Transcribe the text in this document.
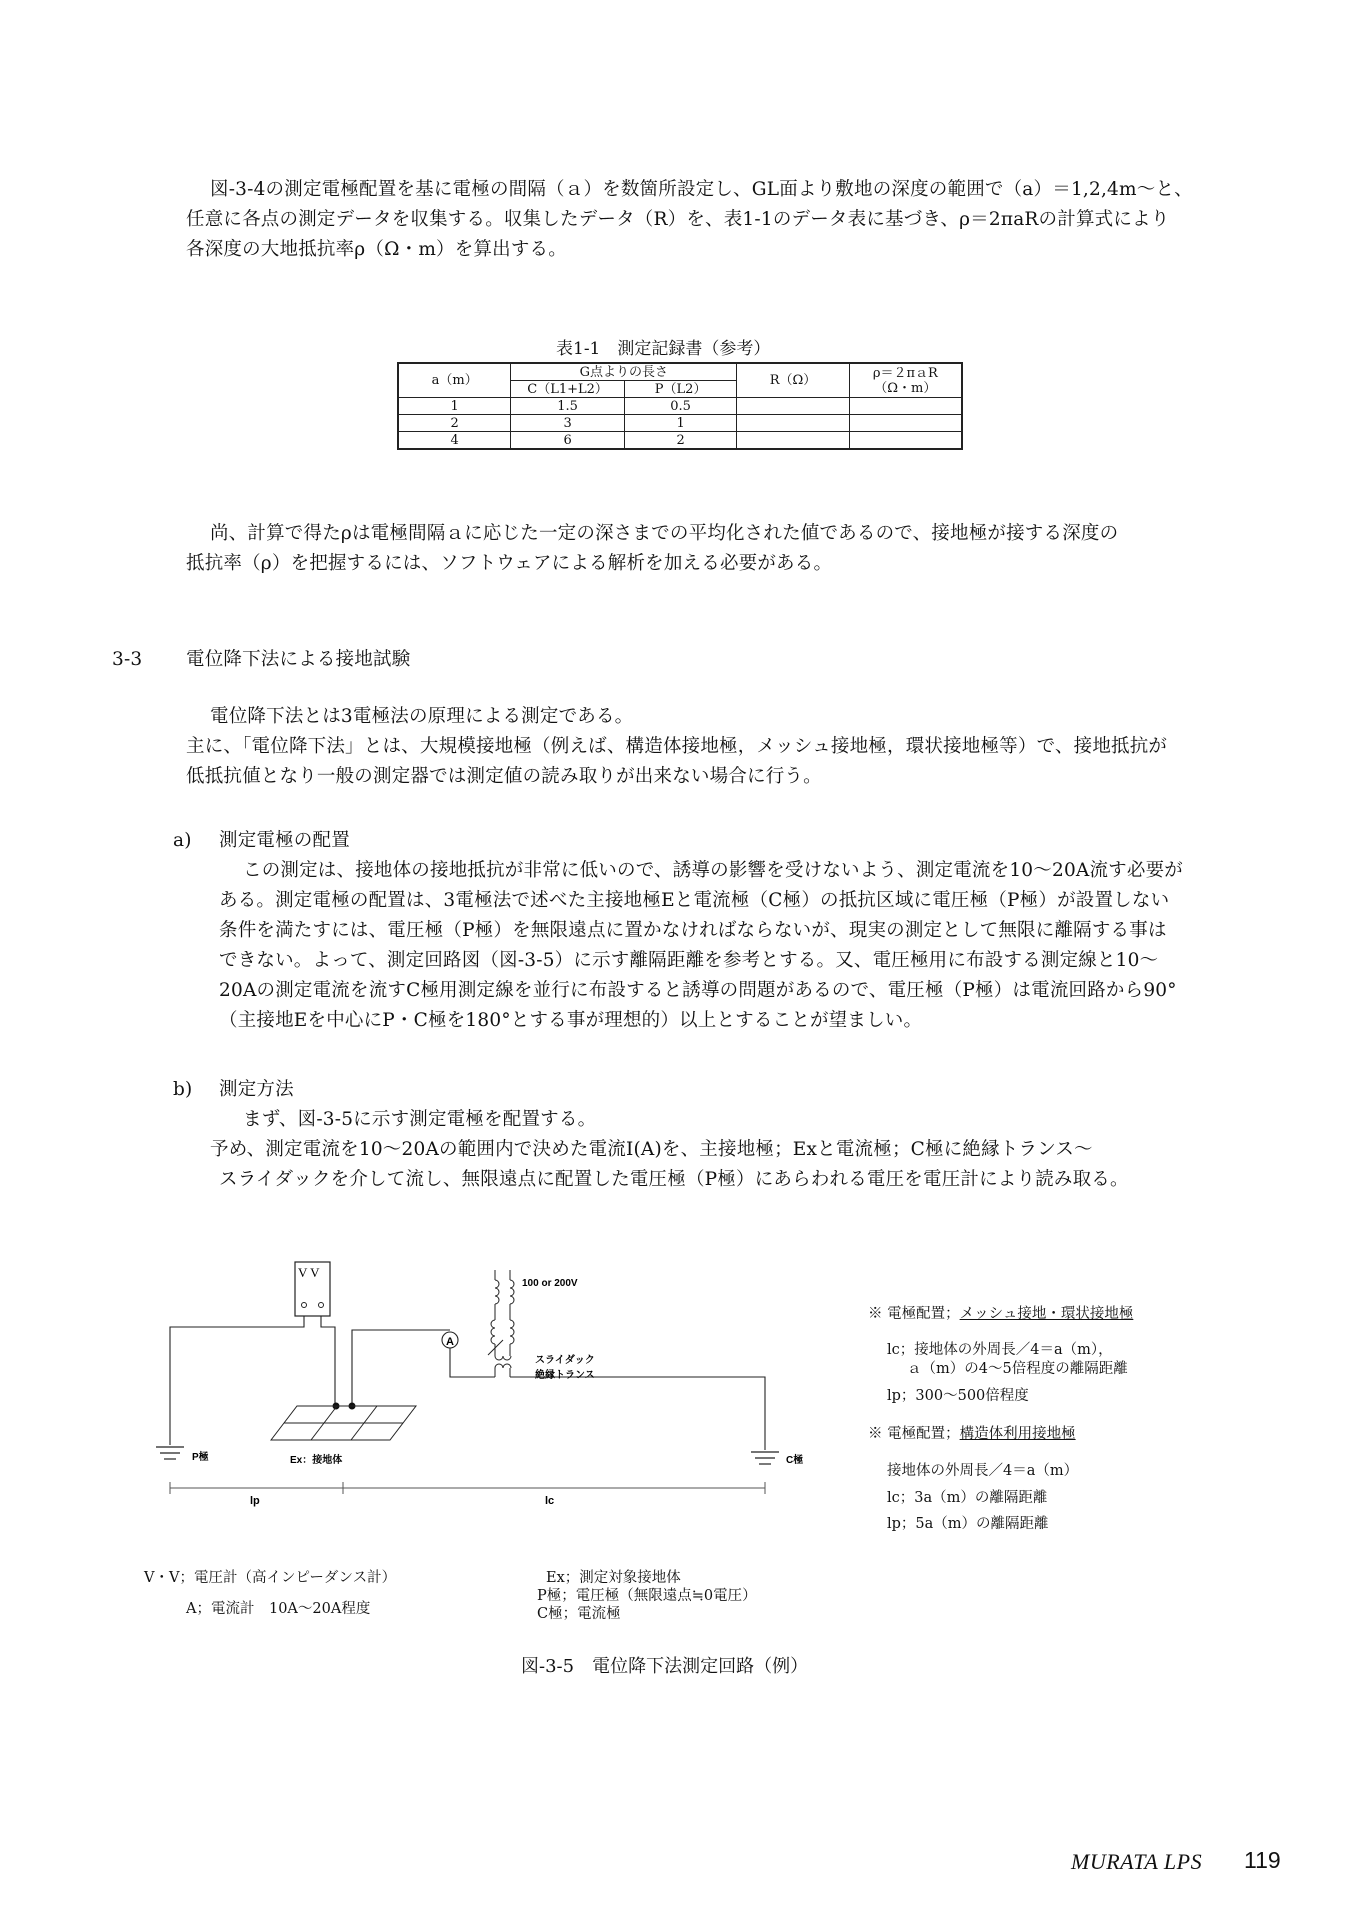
図-3-4の測定電極配置を基に電極の間隔（ａ）を数箇所設定し、GL面より敷地の深度の範囲で（a）＝1,2,4m〜と、
任意に各点の測定データを収集する。収集したデータ（R）を、表1-1のデータ表に基づき、ρ＝2πaRの計算式により
各深度の大地抵抗率ρ（Ω・m）を算出する。
表1-1　測定記録書（参考）
a（m）	G点よりの長さ		R（Ω）	ρ＝２πａR
（Ω・m）
	C（L1+L2）	P（L2）		
1	1.5	0.5		
2	3	1		
4	6	2		
尚、計算で得たρは電極間隔ａに応じた一定の深さまでの平均化された値であるので、接地極が接する深度の
抵抗率（ρ）を把握するには、ソフトウェアによる解析を加える必要がある。
3-3 電位降下法による接地試験
電位降下法とは3電極法の原理による測定である。
主に、「電位降下法」とは、大規模接地極（例えば、構造体接地極，メッシュ接地極，環状接地極等）で、接地抵抗が
低抵抗値となり一般の測定器では測定値の読み取りが出来ない場合に行う。
a) 測定電極の配置
この測定は、接地体の接地抵抗が非常に低いので、誘導の影響を受けないよう、測定電流を10〜20A流す必要が
ある。測定電極の配置は、3電極法で述べた主接地極Eと電流極（C極）の抵抗区域に電圧極（P極）が設置しない
条件を満たすには、電圧極（P極）を無限遠点に置かなければならないが、現実の測定として無限に離隔する事は
できない。よって、測定回路図（図-3-5）に示す離隔距離を参考とする。又、電圧極用に布設する測定線と10〜
20Aの測定電流を流すC極用測定線を並行に布設すると誘導の問題があるので、電圧極（P極）は電流回路から90°
（主接地Eを中心にP・C極を180°とする事が理想的）以上とすることが望ましい。
b) 測定方法
まず、図-3-5に示す測定電極を配置する。
予め、測定電流を10〜20Aの範囲内で決めた電流I(A)を、主接地極；Exと電流極；C極に絶縁トランス〜
スライダックを介して流し、無限遠点に配置した電圧極（P極）にあらわれる電圧を電圧計により読み取る。
V V
A
Ex：接地体
100 or 200V
スライダック
絶縁トランス
P極	C極
lp	lc
※ 電極配置；メッシュ接地・環状接地極
lc；接地体の外周長／4＝a（m），
ａ（m）の4〜5倍程度の離隔距離
lp；300〜500倍程度
※ 電極配置；構造体利用接地極
接地体の外周長／4＝a（m）
lc；3a（m）の離隔距離
lp；5a（m）の離隔距離
V・V；電圧計（高インピーダンス計）
A；電流計　10A〜20A程度
Ex；測定対象接地体
P極；電圧極（無限遠点≒0電圧）
C極；電流極
図-3-5　電位降下法測定回路（例）
MURATA LPS 119
